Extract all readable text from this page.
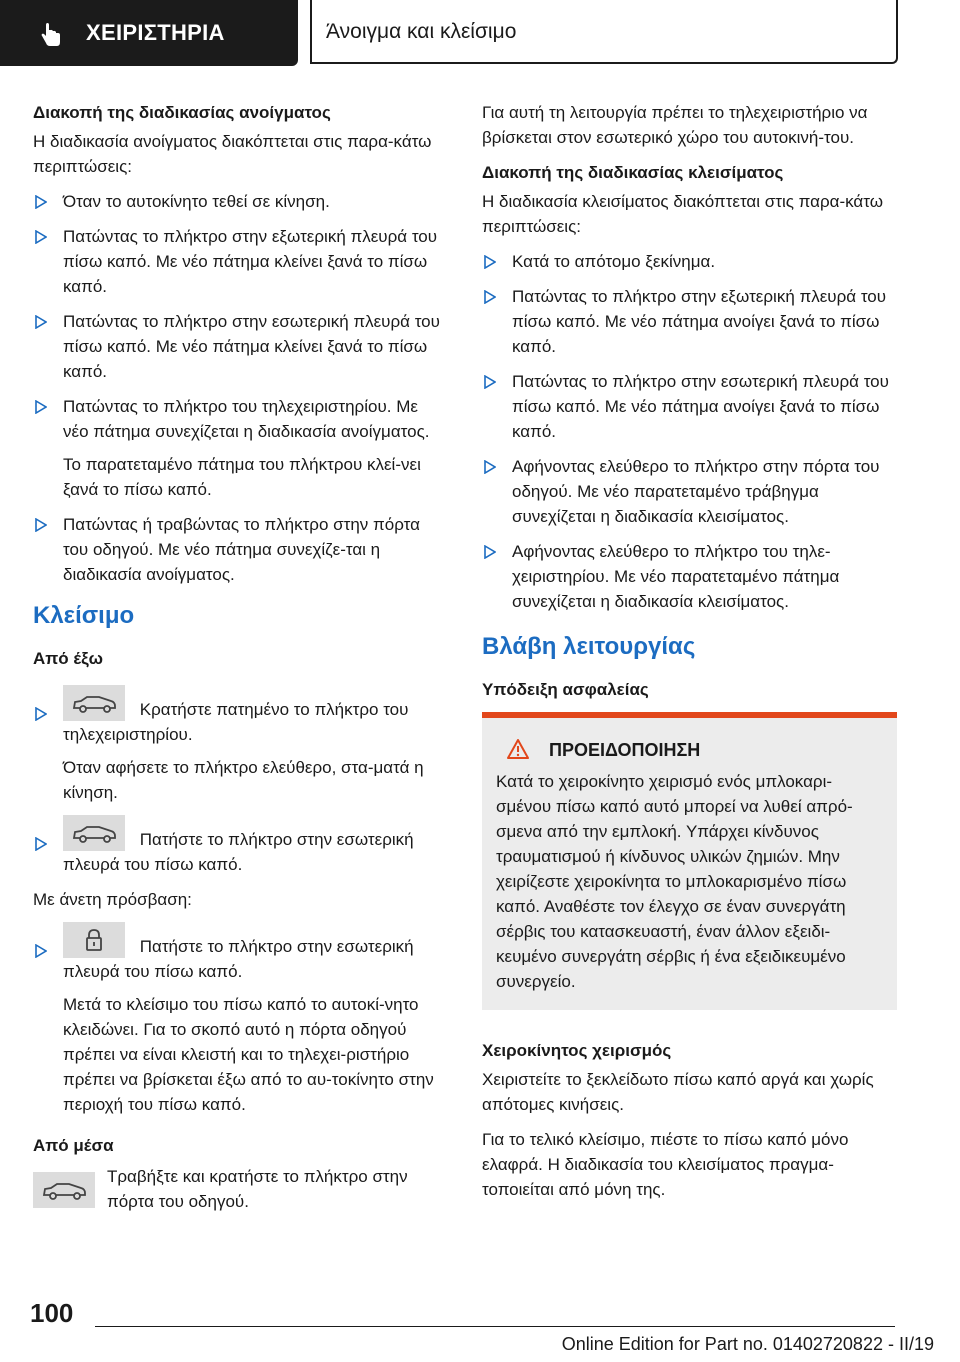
ΧΕΙΡΙΣΤΗΡΙΑ	Άνοιγμα και κλείσιμο
Διακοπή της διαδικασίας ανοίγματος

Η διαδικασία ανοίγματος διακόπτεται στις παρα-κάτω περιπτώσεις:

Όταν το αυτοκίνητο τεθεί σε κίνηση.
Πατώντας το πλήκτρο στην εξωτερική πλευρά του πίσω καπό. Με νέο πάτημα κλείνει ξανά το πίσω καπό.
Πατώντας το πλήκτρο στην εσωτερική πλευρά του πίσω καπό. Με νέο πάτημα κλείνει ξανά το πίσω καπό.
Πατώντας το πλήκτρο του τηλεχειριστηρίου. Με νέο πάτημα συνεχίζεται η διαδικασία ανοίγματος.

Το παρατεταμένο πάτημα του πλήκτρου κλεί-νει ξανά το πίσω καπό.

Πατώντας ή τραβώντας το πλήκτρο στην πόρτα του οδηγού. Με νέο πάτημα συνεχίζε-ται η διαδικασία ανοίγματος.
Κλείσιμο
Από έξω
Κρατήστε πατημένο το πλήκτρο του τηλεχειριστηρίου.

Όταν αφήσετε το πλήκτρο ελεύθερο, στα-ματά η κίνηση.

Πατήστε το πλήκτρο στην εσωτερική πλευρά του πίσω καπό.

Με άνετη πρόσβαση:

Πατήστε το πλήκτρο στην εσωτερική πλευρά του πίσω καπό.

Μετά το κλείσιμο του πίσω καπό το αυτοκί-νητο κλειδώνει. Για το σκοπό αυτό η πόρτα οδηγού πρέπει να είναι κλειστή και το τηλεχει-ριστήριο πρέπει να βρίσκεται έξω από το αυ-τοκίνητο στην περιοχή του πίσω καπό.

Από μέσα
Τραβήξτε και κρατήστε το πλήκτρο στην πόρτα του οδηγού.

Για αυτή τη λειτουργία πρέπει το τηλεχειριστήριο να βρίσκεται στον εσωτερικό χώρο του αυτοκινή-του.

Διακοπή της διαδικασίας κλεισίματος

Η διαδικασία κλεισίματος διακόπτεται στις παρα-κάτω περιπτώσεις:

Κατά το απότομο ξεκίνημα.
Πατώντας το πλήκτρο στην εξωτερική πλευρά του πίσω καπό. Με νέο πάτημα ανοίγει ξανά το πίσω καπό.
Πατώντας το πλήκτρο στην εσωτερική πλευρά του πίσω καπό. Με νέο πάτημα ανοίγει ξανά το πίσω καπό.
Αφήνοντας ελεύθερο το πλήκτρο στην πόρτα του οδηγού. Με νέο παρατεταμένο τράβηγμα συνεχίζεται η διαδικασία κλεισίματος.
Αφήνοντας ελεύθερο το πλήκτρο του τηλε-χειριστηρίου. Με νέο παρατεταμένο πάτημα συνεχίζεται η διαδικασία κλεισίματος.
Βλάβη λειτουργίας
Υπόδειξη ασφαλείας
ΠΡΟΕΙΔΟΠΟΙΗΣΗ
Κατά το χειροκίνητο χειρισμό ενός μπλοκαρι-σμένου πίσω καπό αυτό μπορεί να λυθεί απρό-σμενα από την εμπλοκή. Υπάρχει κίνδυνος τραυματισμού ή κίνδυνος υλικών ζημιών. Μην χειρίζεστε χειροκίνητα το μπλοκαρισμένο πίσω καπό. Αναθέστε τον έλεγχο σε έναν συνεργάτη σέρβις του κατασκευαστή, έναν άλλον εξειδι-κευμένο συνεργάτη σέρβις ή ένα εξειδικευμένο συνεργείο.
Χειροκίνητος χειρισμός

Χειριστείτε το ξεκλείδωτο πίσω καπό αργά και χωρίς απότομες κινήσεις.

Για το τελικό κλείσιμο, πιέστε το πίσω καπό μόνο ελαφρά. Η διαδικασία του κλεισίματος πραγμα-τοποιείται από μόνη της.

100
Online Edition for Part no. 01402720822 - II/19
